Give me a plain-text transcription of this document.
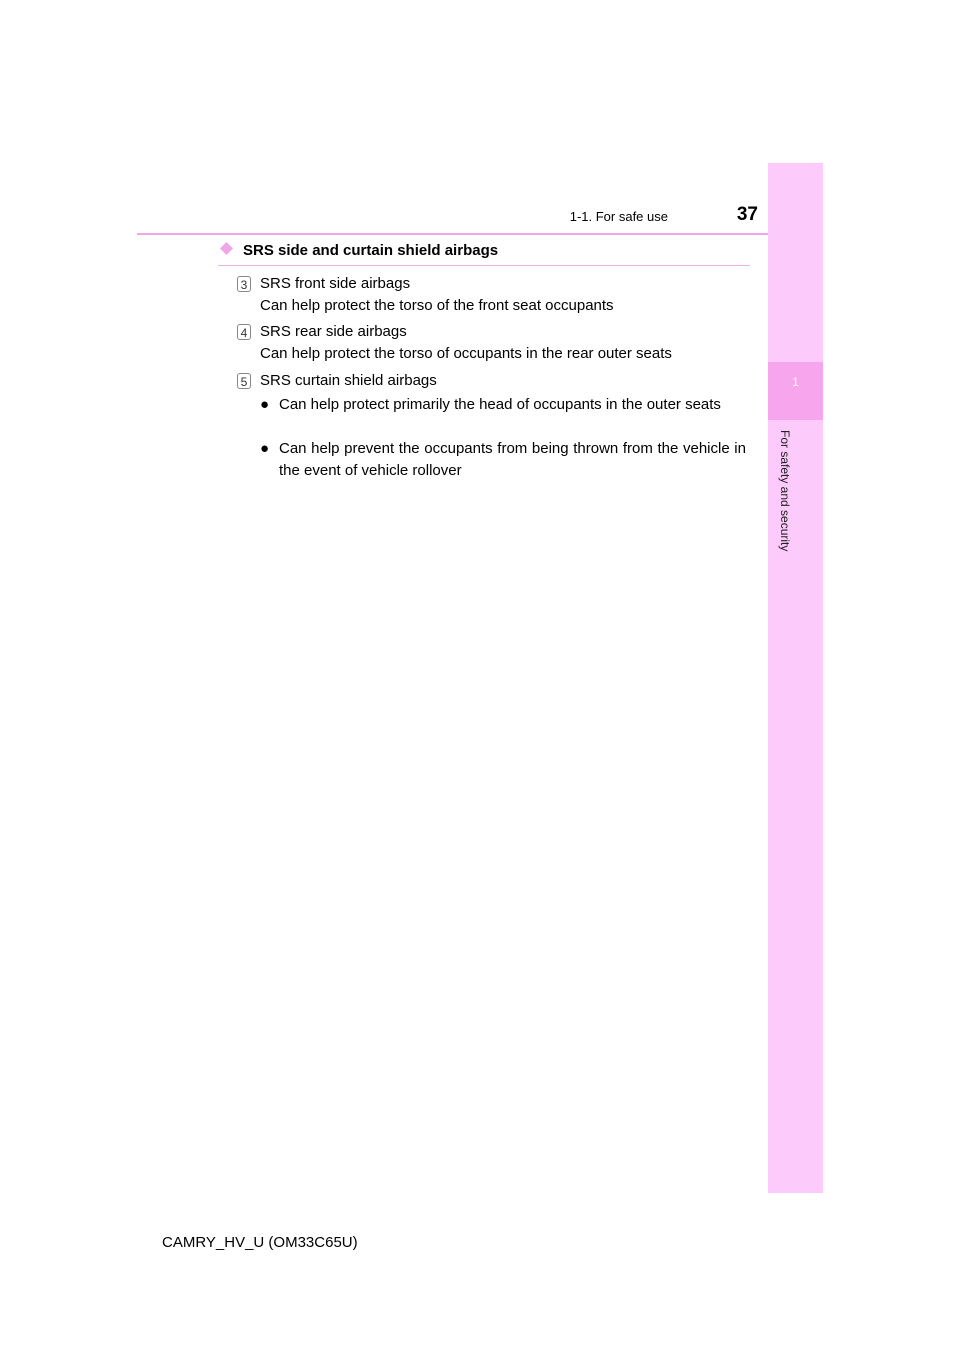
1-1. For safe use	37
1
For safety and security
SRS side and curtain shield airbags
3 SRS front side airbags
Can help protect the torso of the front seat occupants
4 SRS rear side airbags
Can help protect the torso of occupants in the rear outer seats
5 SRS curtain shield airbags
● Can help protect primarily the head of occupants in the outer seats
● Can help prevent the occupants from being thrown from the vehicle in the event of vehicle rollover
CAMRY_HV_U (OM33C65U)
